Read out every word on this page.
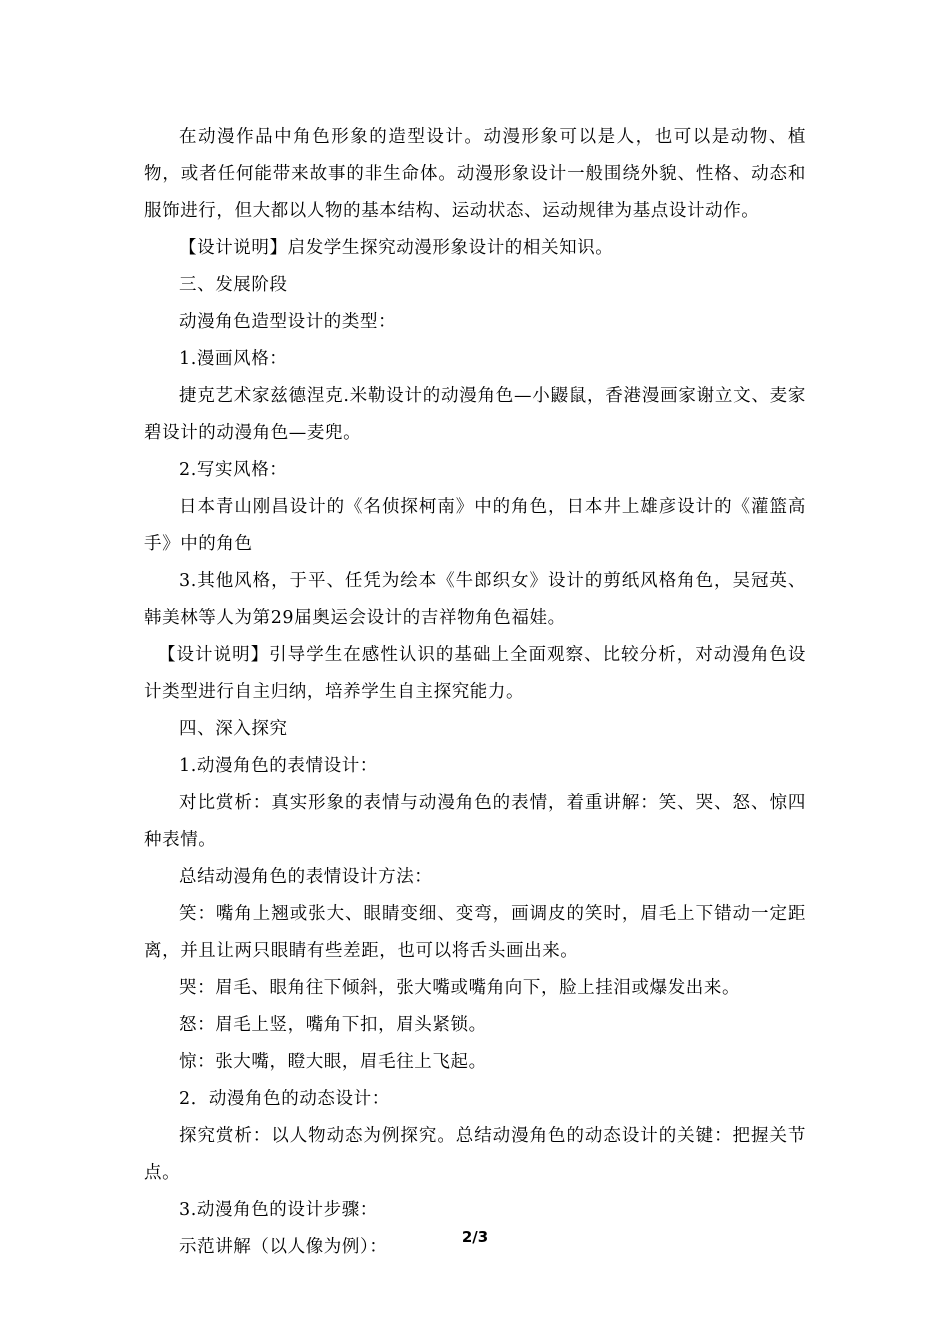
在动漫作品中角色形象的造型设计。动漫形象可以是人，也可以是动物、植物，或者任何能带来故事的非生命体。动漫形象设计一般围绕外貌、性格、动态和服饰进行，但大都以人物的基本结构、运动状态、运动规律为基点设计动作。

【设计说明】启发学生探究动漫形象设计的相关知识。

三、发展阶段

动漫角色造型设计的类型：

1.漫画风格：

捷克艺术家兹德涅克.米勒设计的动漫角色—小鼹鼠，香港漫画家谢立文、麦家碧设计的动漫角色—麦兜。

2.写实风格：

日本青山刚昌设计的《名侦探柯南》中的角色，日本井上雄彦设计的《灌篮高手》中的角色

3.其他风格，于平、任凭为绘本《牛郎织女》设计的剪纸风格角色，吴冠英、韩美林等人为第29届奥运会设计的吉祥物角色福娃。

【设计说明】引导学生在感性认识的基础上全面观察、比较分析，对动漫角色设计类型进行自主归纳，培养学生自主探究能力。

四、深入探究

1.动漫角色的表情设计：

对比赏析：真实形象的表情与动漫角色的表情，着重讲解：笑、哭、怒、惊四种表情。

总结动漫角色的表情设计方法：

笑：嘴角上翘或张大、眼睛变细、变弯，画调皮的笑时，眉毛上下错动一定距离，并且让两只眼睛有些差距，也可以将舌头画出来。

哭：眉毛、眼角往下倾斜，张大嘴或嘴角向下，脸上挂泪或爆发出来。

怒：眉毛上竖，嘴角下扣，眉头紧锁。

惊：张大嘴，瞪大眼，眉毛往上飞起。

2．动漫角色的动态设计：

探究赏析：以人物动态为例探究。总结动漫角色的动态设计的关键：把握关节点。

3.动漫角色的设计步骤：

示范讲解（以人像为例）：	2/3
